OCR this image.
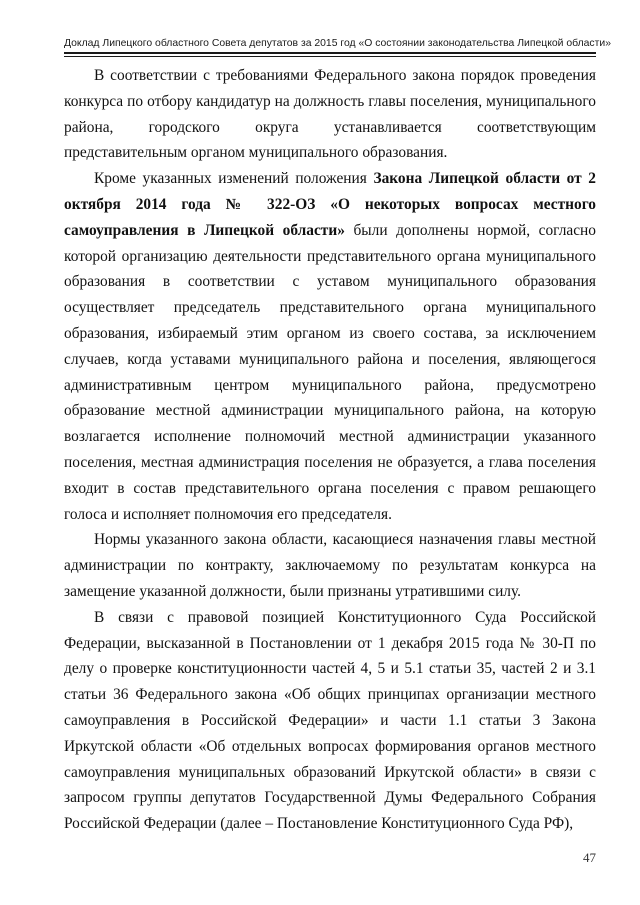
Доклад Липецкого областного Совета депутатов за 2015 год «О состоянии законодательства Липецкой области»

В соответствии с требованиями Федерального закона порядок проведения конкурса по отбору кандидатур на должность главы поселения, муниципального района, городского округа устанавливается соответствующим представительным органом муниципального образования.

Кроме указанных изменений положения Закона Липецкой области от 2 октября 2014 года № 322-ОЗ «О некоторых вопросах местного самоуправления в Липецкой области» были дополнены нормой, согласно которой организацию деятельности представительного органа муниципального образования в соответствии с уставом муниципального образования осуществляет председатель представительного органа муниципального образования, избираемый этим органом из своего состава, за исключением случаев, когда уставами муниципального района и поселения, являющегося административным центром муниципального района, предусмотрено образование местной администрации муниципального района, на которую возлагается исполнение полномочий местной администрации указанного поселения, местная администрация поселения не образуется, а глава поселения входит в состав представительного органа поселения с правом решающего голоса и исполняет полномочия его председателя.

Нормы указанного закона области, касающиеся назначения главы местной администрации по контракту, заключаемому по результатам конкурса на замещение указанной должности, были признаны утратившими силу.

В связи с правовой позицией Конституционного Суда Российской Федерации, высказанной в Постановлении от 1 декабря 2015 года № 30-П по делу о проверке конституционности частей 4, 5 и 5.1 статьи 35, частей 2 и 3.1 статьи 36 Федерального закона «Об общих принципах организации местного самоуправления в Российской Федерации» и части 1.1 статьи 3 Закона Иркутской области «Об отдельных вопросах формирования органов местного самоуправления муниципальных образований Иркутской области» в связи с запросом группы депутатов Государственной Думы Федерального Собрания Российской Федерации (далее – Постановление Конституционного Суда РФ),

47
